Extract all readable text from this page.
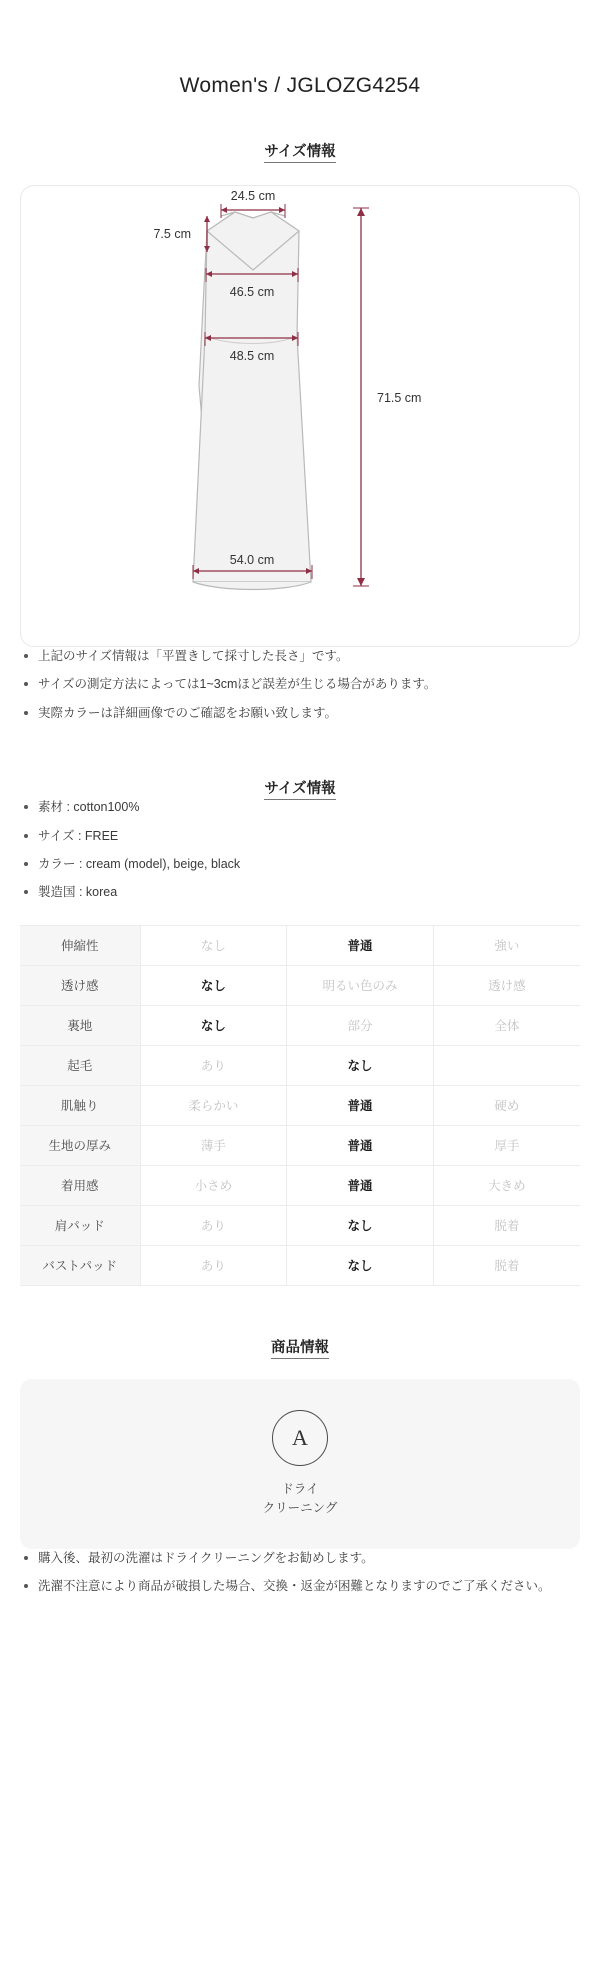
Women's / JGLOZG4254
サイズ情報
24.5 cm
7.5 cm
46.5 cm
48.5 cm
71.5 cm
54.0 cm
上記のサイズ情報は「平置きして採寸した長さ」です。
サイズの測定方法によっては1~3cmほど誤差が生じる場合があります。
実際カラーは詳細画像でのご確認をお願い致します。
サイズ情報
素材 : cotton100%
サイズ : FREE
カラー : cream (model), beige, black
製造国 : korea
伸縮性	なし	普通	強い
透け感	なし	明るい色のみ	透け感
裏地	なし	部分	全体
起毛	あり	なし	
肌触り	柔らかい	普通	硬め
生地の厚み	薄手	普通	厚手
着用感	小さめ	普通	大きめ
肩パッド	あり	なし	脱着
バストパッド	あり	なし	脱着
商品情報
A
ドライ
クリーニング
購入後、最初の洗濯はドライクリーニングをお勧めします。
洗濯不注意により商品が破損した場合、交換・返金が困難となりますのでご了承ください。
